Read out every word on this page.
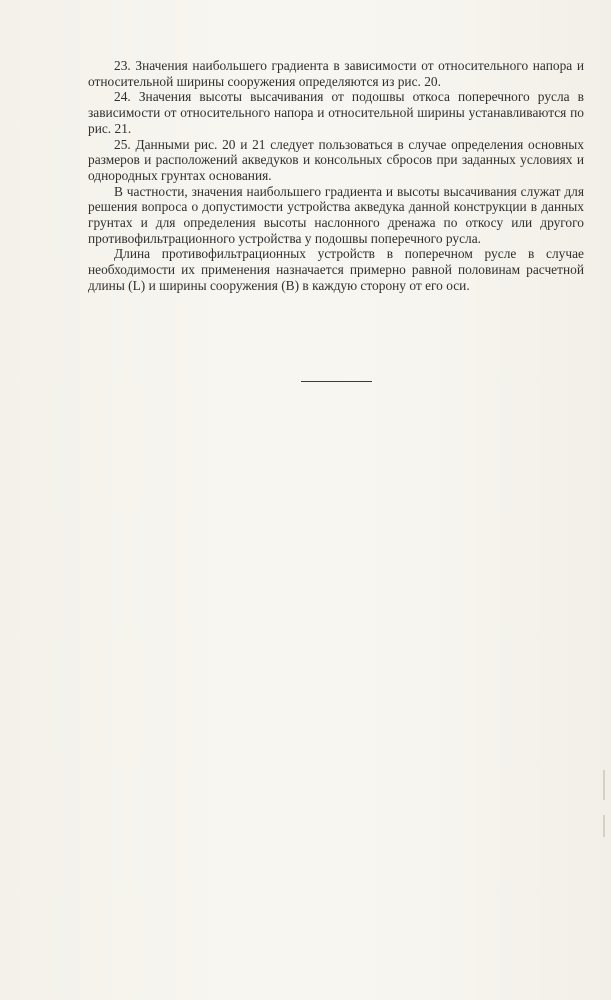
23. Значения наибольшего градиента в зависимости от относительного напора и относительной ширины сооружения определяются из рис. 20.

24. Значения высоты высачивания от подошвы откоса поперечного русла в зависимости от относительного напора и относительной ширины устанавливаются по рис. 21.

25. Данными рис. 20 и 21 следует пользоваться в случае определения основных размеров и расположений акведуков и консольных сбросов при заданных условиях и однородных грунтах основания.

В частности, значения наибольшего градиента и высоты высачивания служат для решения вопроса о допустимости устройства акведука данной конструкции в данных грунтах и для определения высоты наслонного дренажа по откосу или другого противофильтрационного устройства у подошвы поперечного русла.

Длина противофильтрационных устройств в поперечном русле в случае необходимости их применения назначается примерно равной половинам расчетной длины (L) и ширины сооружения (B) в каждую сторону от его оси.
